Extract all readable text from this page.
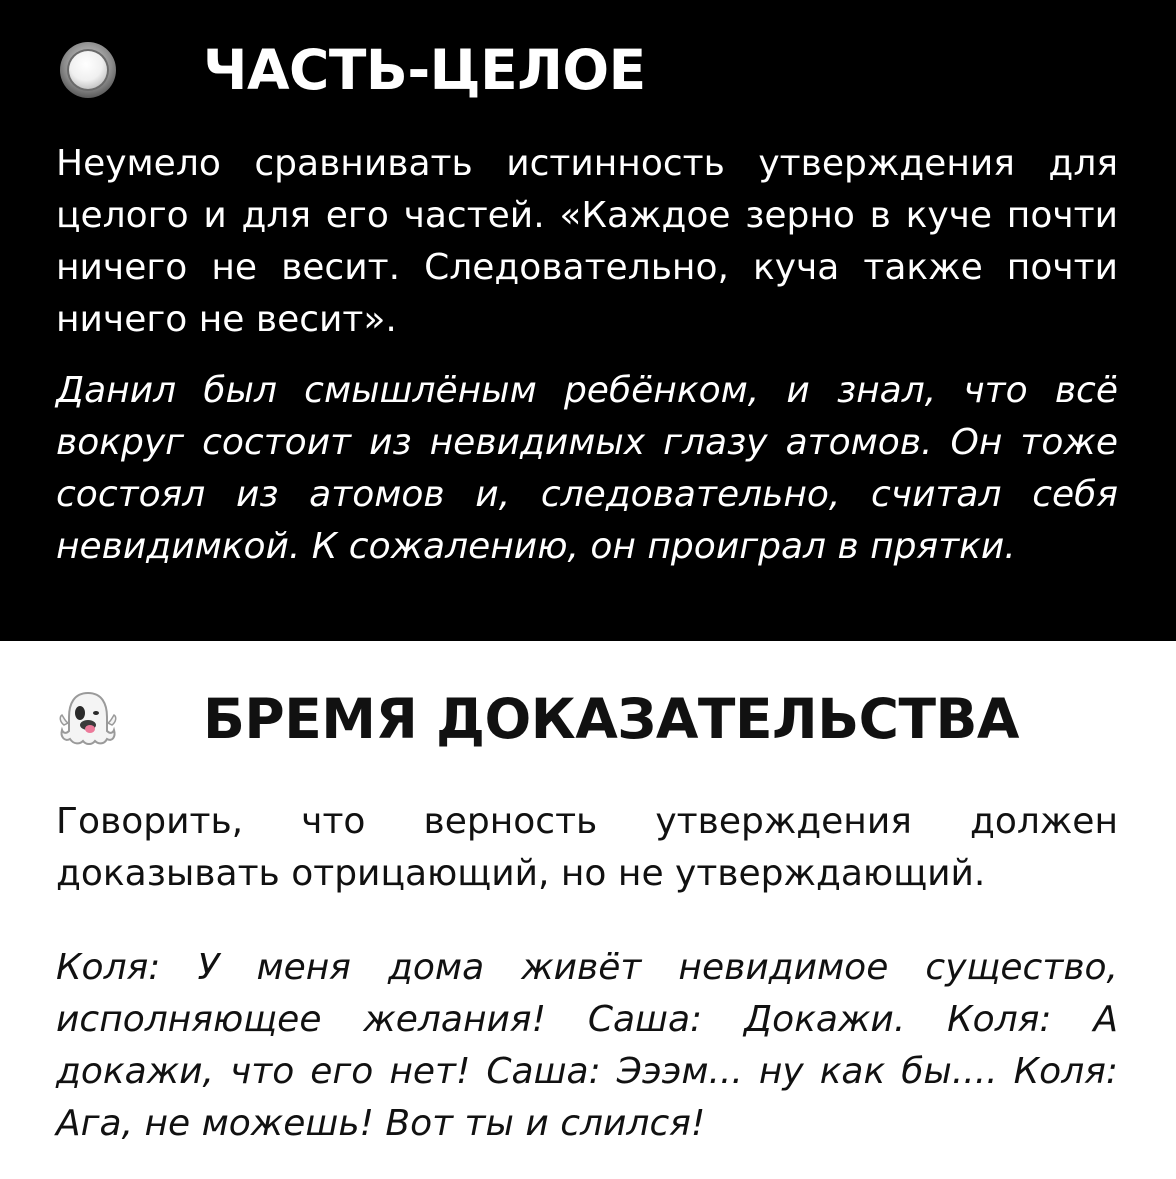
ЧАСТЬ-ЦЕЛОЕ

Неумело сравнивать истинность утверждения для целого и для его частей. «Каждое зерно в куче почти ничего не весит. Следовательно, куча также почти ничего не весит».

Данил был смышлёным ребёнком, и знал, что всё вокруг состоит из невидимых глазу атомов. Он тоже состоял из атомов и, следовательно, считал себя невидимкой. К сожалению, он проиграл в прятки.

БРЕМЯ ДОКАЗАТЕЛЬСТВА

Говорить, что верность утверждения должен доказывать отрицающий, но не утверждающий.

Коля: У меня дома живёт невидимое существо, исполняющее желания! Саша: Докажи. Коля: А докажи, что его нет! Саша: Эээм... ну как бы.... Коля: Ага, не можешь! Вот ты и слился!
